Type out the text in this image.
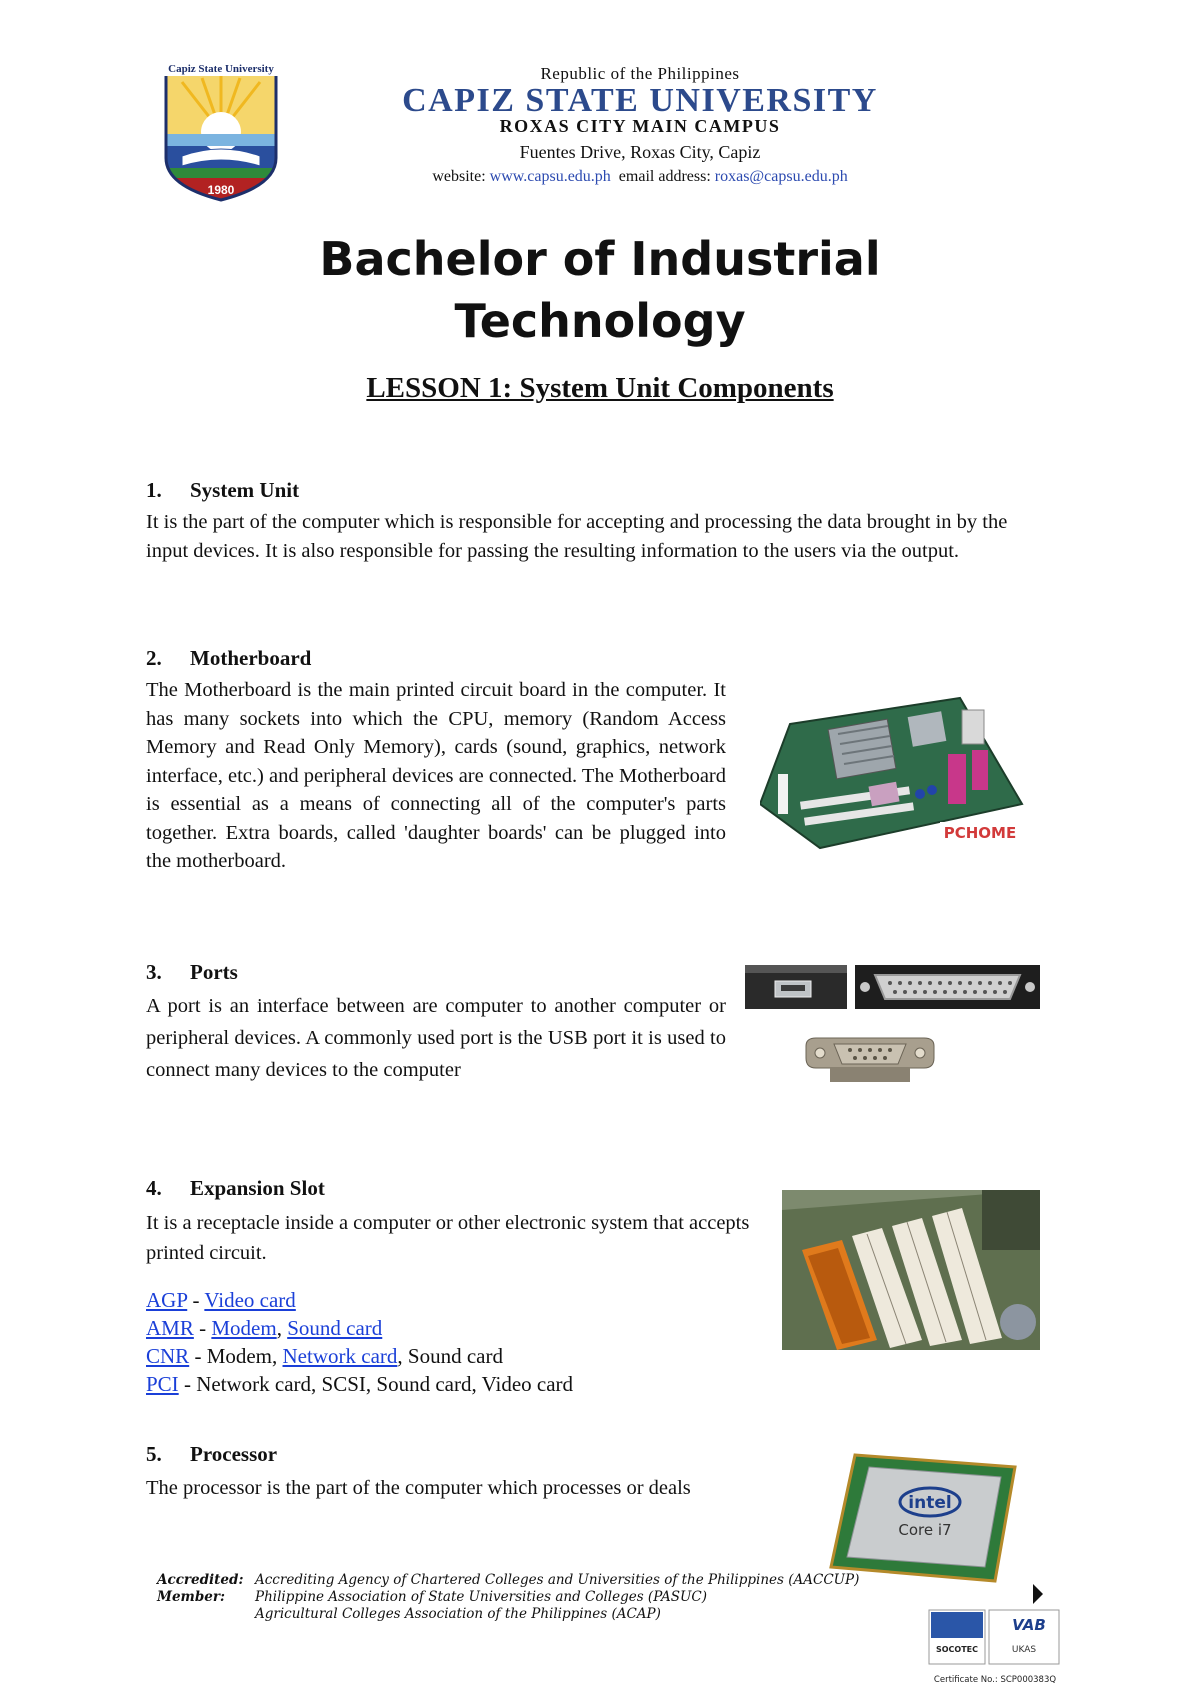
Capiz State University
1980
Republic of the Philippines
CAPIZ STATE UNIVERSITY
ROXAS CITY MAIN CAMPUS
Fuentes Drive, Roxas City, Capiz
website: www.capsu.edu.ph email address: roxas@capsu.edu.ph
Bachelor of Industrial
Technology
LESSON 1: System Unit Components
1. System Unit
It is the part of the computer which is responsible for accepting and processing the data brought in by the input devices. It is also responsible for passing the resulting information to the users via the output.
2. Motherboard
The Motherboard is the main printed circuit board in the computer. It has many sockets into which the CPU, memory (Random Access Memory and Read Only Memory), cards (sound, graphics, network interface, etc.) and peripheral devices are connected. The Motherboard is essential as a means of connecting all of the computer's parts together. Extra boards, called 'daughter boards' can be plugged into the motherboard.
PCHOME
3. Ports
A port is an interface between are computer to another computer or peripheral devices. A commonly used port is the USB port it is used to connect many devices to the computer
4. Expansion Slot
It is a receptacle inside a computer or other electronic system that accepts printed circuit.
AGP - Video card
AMR - Modem, Sound card
CNR - Modem, Network card, Sound card
PCI - Network card, SCSI, Sound card, Video card
5. Processor
The processor is the part of the computer which processes or deals
intel
Core i7
Accredited:
Member:
Accrediting Agency of Chartered Colleges and Universities of the Philippines (AACCUP)
Philippine Association of State Universities and Colleges (PASUC)
Agricultural Colleges Association of the Philippines (ACAP)
SOCOTEC
VAB
UKAS
Certificate No.: SCP000383Q
